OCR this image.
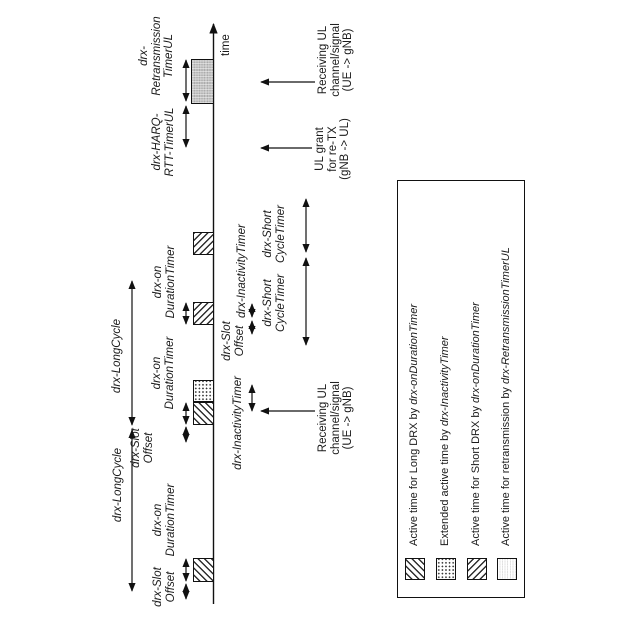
time
drx-
Retransmission
TimerUL
drx-HARQ-
RTT-TimerUL
drx-LongCycle
drx-LongCycle
drx-Slot
Offset
drx-on
DurationTimer
drx-Slot
Offset
drx-on
DurationTimer
drx-on
DurationTimer
drx-InactivityTimer
drx-Slot
Offset
drx-InactivityTimer drx-Short
CycleTimer
drx-Short
CycleTimer
Receiving UL
channel/signal
(UE -> gNB)
UL grant
for re-TX
(gNB -> UL)
Receiving UL
channel/signal
(UE -> gNB)
Active time for Long DRX by drx-onDurationTimer
Extended active time by drx-InactivityTimer
Active time for Short DRX by drx-onDurationTimer
Active time for retransmission by drx-RetransmissionTimerUL
